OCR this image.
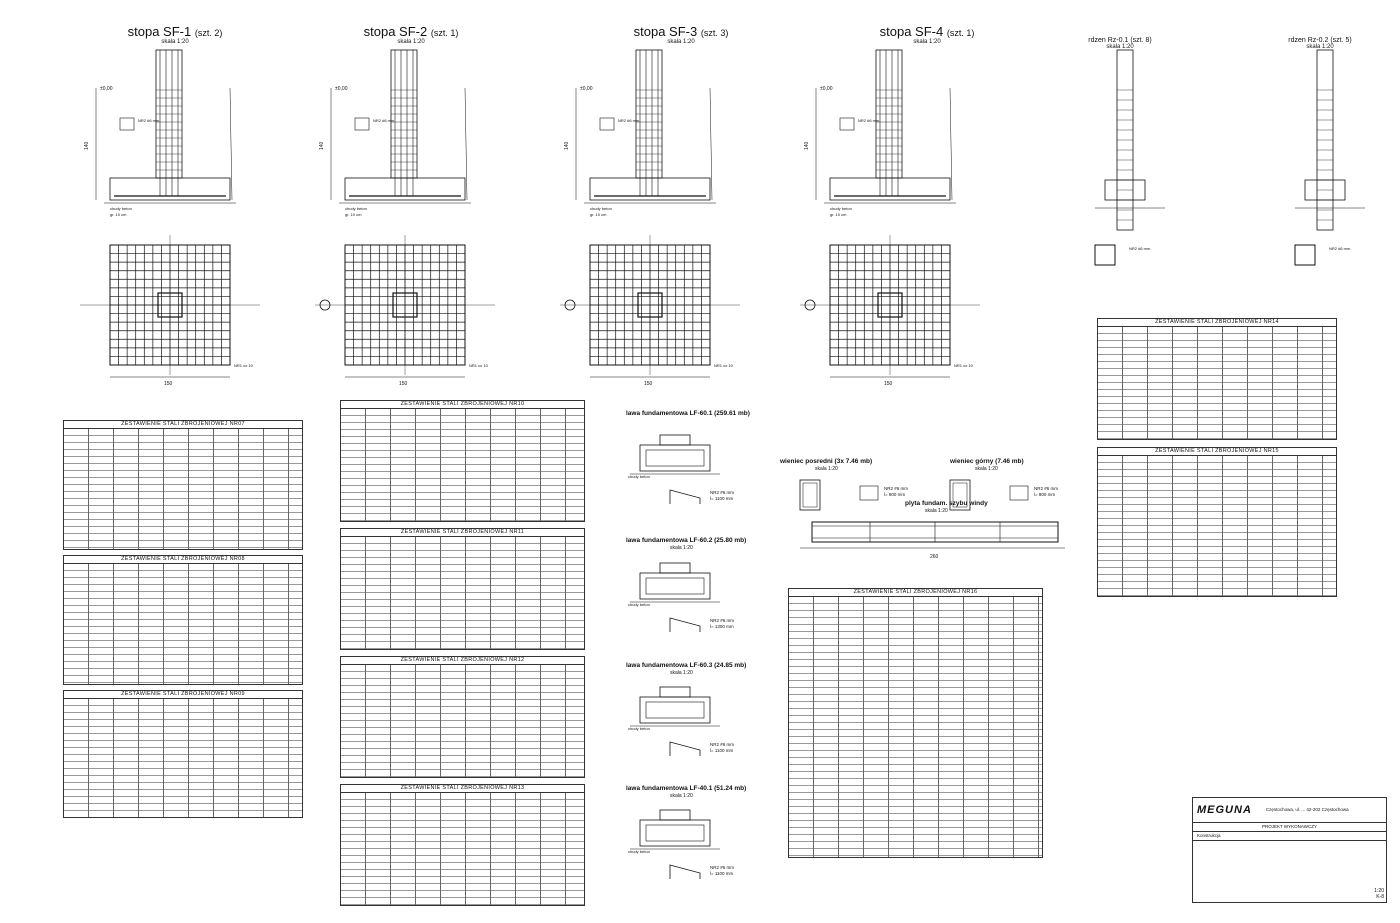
140
±0,00
chudy beton
gr. 10 cm
NR2 #6 mm
150
NR1 co 10
140
±0,00
chudy beton
gr. 10 cm
NR2 #6 mm
150
NR1 co 10
140
±0,00
chudy beton
gr. 10 cm
NR2 #6 mm
150
NR1 co 10
140
±0,00
chudy beton
gr. 10 cm
NR2 #6 mm
150
NR1 co 10
NR2 #6 mm	NR2 #6 mm
chudy beton
NR2 #6 mm
l= 1100 mm
chudy beton
NR2 #6 mm
l= 1300 mm
chudy beton
NR2 #6 mm
l= 1100 mm
chudy beton
NR2 #6 mm
l= 1100 mm
NR2 #6 mm
l= 800 mm
NR2 #6 mm
l= 800 mm
260
stopa SF-1 (szt. 2)
skala 1:20
stopa SF-2 (szt. 1)
skala 1:20
stopa SF-3 (szt. 3)
skala 1:20
stopa SF-4 (szt. 1)
skala 1:20	rdzen Rz-0.1 (szt. 8)
skala 1:20
rdzen Rz-0.2 (szt. 5)
skala 1:20
lawa fundamentowa LF-60.1 (259.61 mb)
lawa fundamentowa LF-60.2 (25.80 mb)
skala 1:20
lawa fundamentowa LF-60.3 (24.85 mb)
skala 1:20
lawa fundamentowa LF-40.1 (51.24 mb)
skala 1:20
wieniec posredni (3x 7.46 mb)
skala 1:20
wieniec górny (7.46 mb)
skala 1:20
plyta fundam. szybu windy
skala 1:20
ZESTAWIENIE STALI ZBROJENIOWEJ NR07
ZESTAWIENIE STALI ZBROJENIOWEJ NR08
ZESTAWIENIE STALI ZBROJENIOWEJ NR09
ZESTAWIENIE STALI ZBROJENIOWEJ NR10
ZESTAWIENIE STALI ZBROJENIOWEJ NR11
ZESTAWIENIE STALI ZBROJENIOWEJ NR12
ZESTAWIENIE STALI ZBROJENIOWEJ NR13
ZESTAWIENIE STALI ZBROJENIOWEJ NR14
ZESTAWIENIE STALI ZBROJENIOWEJ NR15
ZESTAWIENIE STALI ZBROJENIOWEJ NR16
MEGUNA	Częstochowa, ul. ... 42-202 Częstochowa
PROJEKT WYKONAWCZY
Konstrukcja
1:20
K-8
